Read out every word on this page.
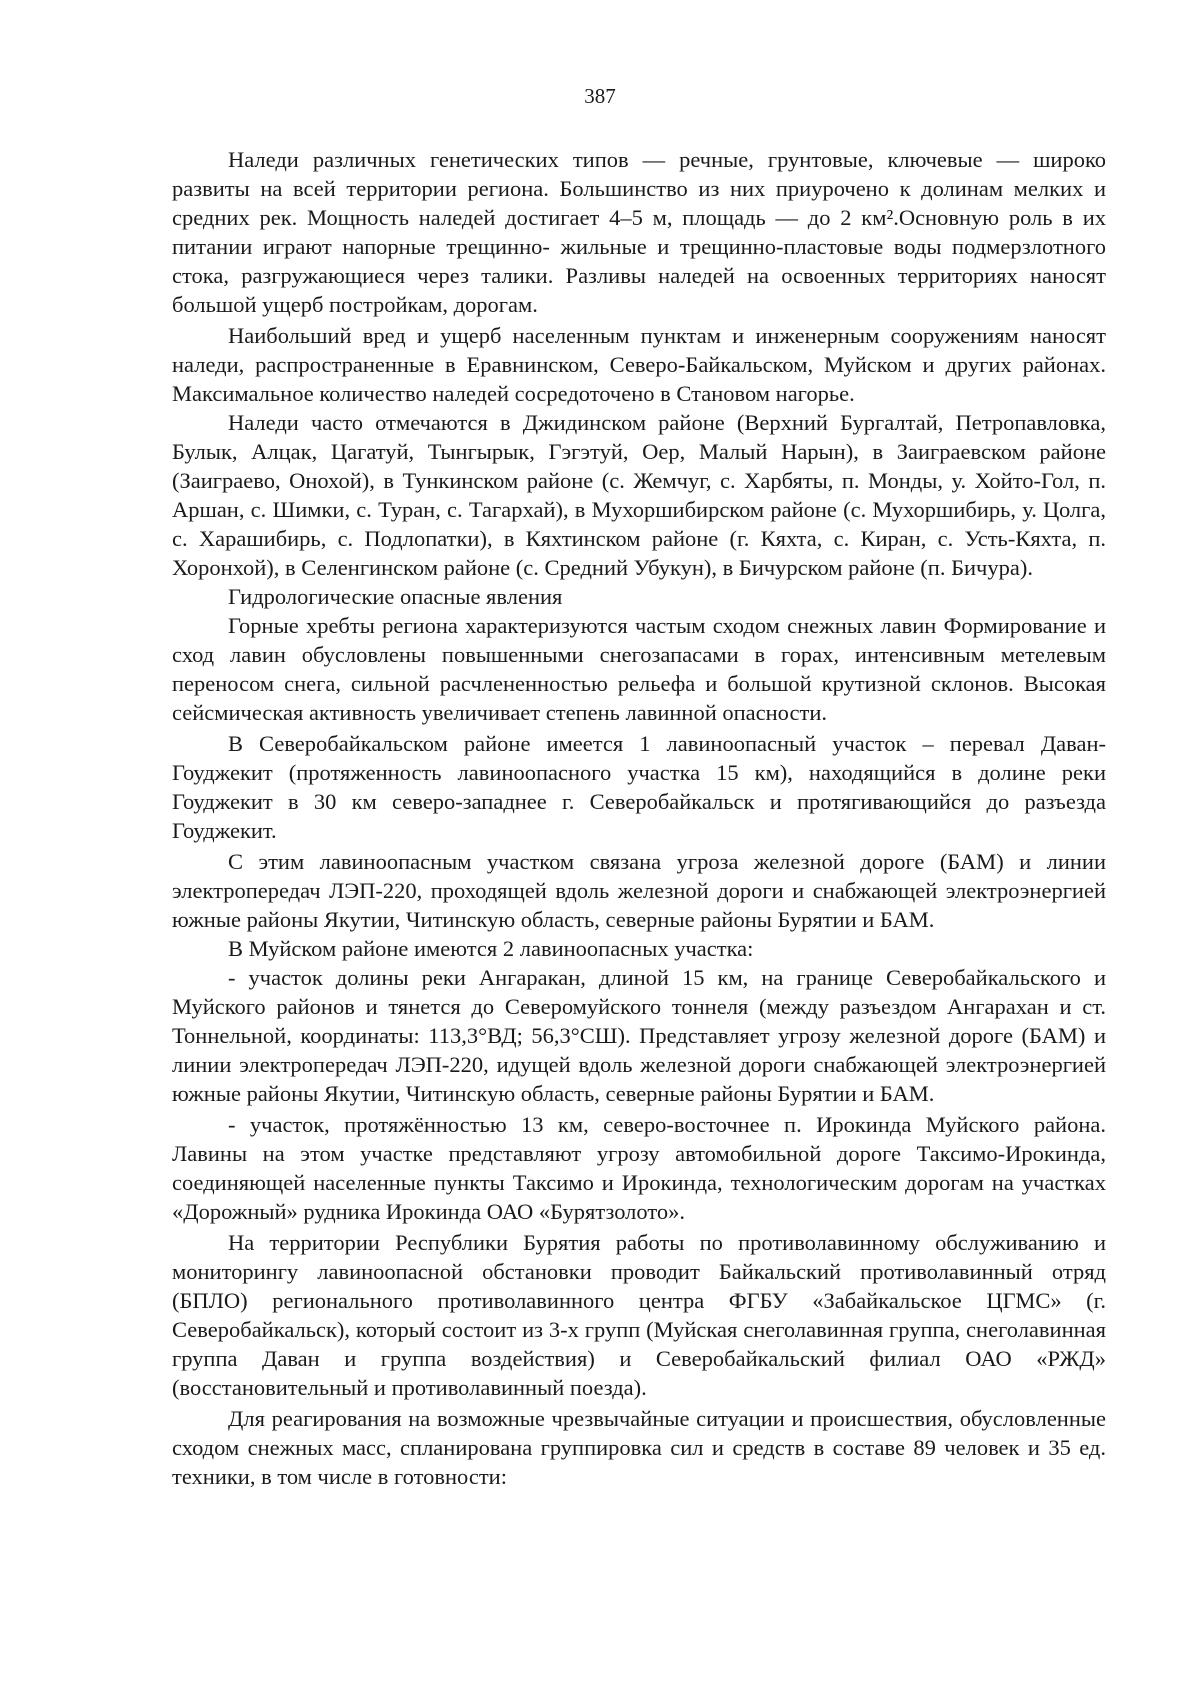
387

Наледи различных генетических типов — речные, грунтовые, ключевые — широко развиты на всей территории региона. Большинство из них приурочено к долинам мелких и средних рек. Мощность наледей достигает 4–5 м, площадь — до 2 км².Основную роль в их питании играют напорные трещинно- жильные и трещинно-пластовые воды подмерзлотного стока, разгружающиеся через талики. Разливы наледей на освоенных территориях наносят большой ущерб постройкам, дорогам.

Наибольший вред и ущерб населенным пунктам и инженерным сооружениям наносят наледи, распространенные в Еравнинском, Северо-Байкальском, Муйском и других районах. Максимальное количество наледей сосредоточено в Становом нагорье.

Наледи часто отмечаются в Джидинском районе (Верхний Бургалтай, Петропавловка, Булык, Алцак, Цагатуй, Тынгырык, Гэгэтуй, Оер, Малый Нарын), в Заиграевском районе (Заиграево, Онохой), в Тункинском районе (с. Жемчуг, с. Харбяты, п. Монды, у. Хойто-Гол, п. Аршан, с. Шимки, с. Туран, с. Тагархай), в Мухоршибирском районе (с. Мухоршибирь, у. Цолга, с. Харашибирь, с. Подлопатки), в Кяхтинском районе (г. Кяхта, с. Киран, с. Усть-Кяхта, п. Хоронхой), в Селенгинском районе (с. Средний Убукун), в Бичурском районе (п. Бичура).

Гидрологические опасные явления

Горные хребты региона характеризуются частым сходом снежных лавин Формирование и сход лавин обусловлены повышенными снегозапасами в горах, интенсивным метелевым переносом снега, сильной расчлененностью рельефа и большой крутизной склонов. Высокая сейсмическая активность увеличивает степень лавинной опасности.

В Северобайкальском районе имеется 1 лавиноопасный участок – перевал Даван-Гоуджекит (протяженность лавиноопасного участка 15 км), находящийся в долине реки Гоуджекит в 30 км северо-западнее г. Северобайкальск и протягивающийся до разъезда Гоуджекит.

С этим лавиноопасным участком связана угроза железной дороге (БАМ) и линии электропередач ЛЭП-220, проходящей вдоль железной дороги и снабжающей электроэнергией южные районы Якутии, Читинскую область, северные районы Бурятии и БАМ.

В Муйском районе имеются 2 лавиноопасных участка:

- участок долины реки Ангаракан, длиной 15 км, на границе Северобайкальского и Муйского районов и тянется до Северомуйского тоннеля (между разъездом Ангарахан и ст. Тоннельной, координаты: 113,3°ВД; 56,3°СШ). Представляет угрозу железной дороге (БАМ) и линии электропередач ЛЭП-220, идущей вдоль железной дороги снабжающей электроэнергией южные районы Якутии, Читинскую область, северные районы Бурятии и БАМ.

- участок, протяжённостью 13 км, северо-восточнее п. Ирокинда Муйского района. Лавины на этом участке представляют угрозу автомобильной дороге Таксимо-Ирокинда, соединяющей населенные пункты Таксимо и Ирокинда, технологическим дорогам на участках «Дорожный» рудника Ирокинда ОАО «Бурятзолото».

На территории Республики Бурятия работы по противолавинному обслуживанию и мониторингу лавиноопасной обстановки проводит Байкальский противолавинный отряд (БПЛО) регионального противолавинного центра ФГБУ «Забайкальское ЦГМС» (г. Северобайкальск), который состоит из 3-х групп (Муйская снеголавинная группа, снеголавинная группа Даван и группа воздействия) и Северобайкальский филиал ОАО «РЖД» (восстановительный и противолавинный поезда).

Для реагирования на возможные чрезвычайные ситуации и происшествия, обусловленные сходом снежных масс, спланирована группировка сил и средств в составе 89 человек и 35 ед. техники, в том числе в готовности:
